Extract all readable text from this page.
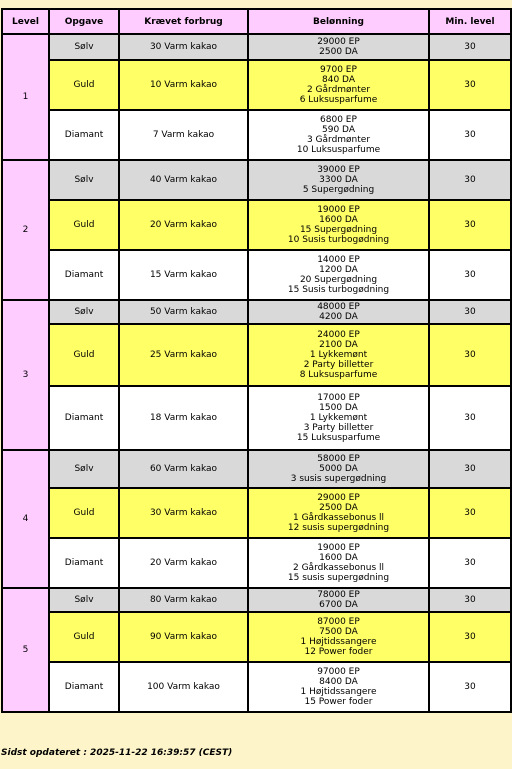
Level	Opgave	Krævet forbrug	Belønning	Min. level
1	Sølv	30 Varm kakao	29000 EP
2500 DA	30
	Guld	10 Varm kakao	9700 EP
840 DA
2 Gårdmønter
6 Luksusparfume	30
	Diamant	7 Varm kakao	6800 EP
590 DA
3 Gårdmønter
10 Luksusparfume	30
2	Sølv	40 Varm kakao	39000 EP
3300 DA
5 Supergødning	30
	Guld	20 Varm kakao	19000 EP
1600 DA
15 Supergødning
10 Susis turbogødning	30
	Diamant	15 Varm kakao	14000 EP
1200 DA
20 Supergødning
15 Susis turbogødning	30
3	Sølv	50 Varm kakao	48000 EP
4200 DA	30
	Guld	25 Varm kakao	24000 EP
2100 DA
1 Lykkemønt
2 Party billetter
8 Luksusparfume	30
	Diamant	18 Varm kakao	17000 EP
1500 DA
1 Lykkemønt
3 Party billetter
15 Luksusparfume	30
4	Sølv	60 Varm kakao	58000 EP
5000 DA
3 susis supergødning	30
	Guld	30 Varm kakao	29000 EP
2500 DA
1 Gårdkassebonus ll
12 susis supergødning	30
	Diamant	20 Varm kakao	19000 EP
1600 DA
2 Gårdkassebonus ll
15 susis supergødning	30
5	Sølv	80 Varm kakao	78000 EP
6700 DA	30
	Guld	90 Varm kakao	87000 EP
7500 DA
1 Højtidssangere
12 Power foder	30
	Diamant	100 Varm kakao	97000 EP
8400 DA
1 Højtidssangere
15 Power foder	30
Sidst opdateret : 2025-11-22 16:39:57 (CEST)
